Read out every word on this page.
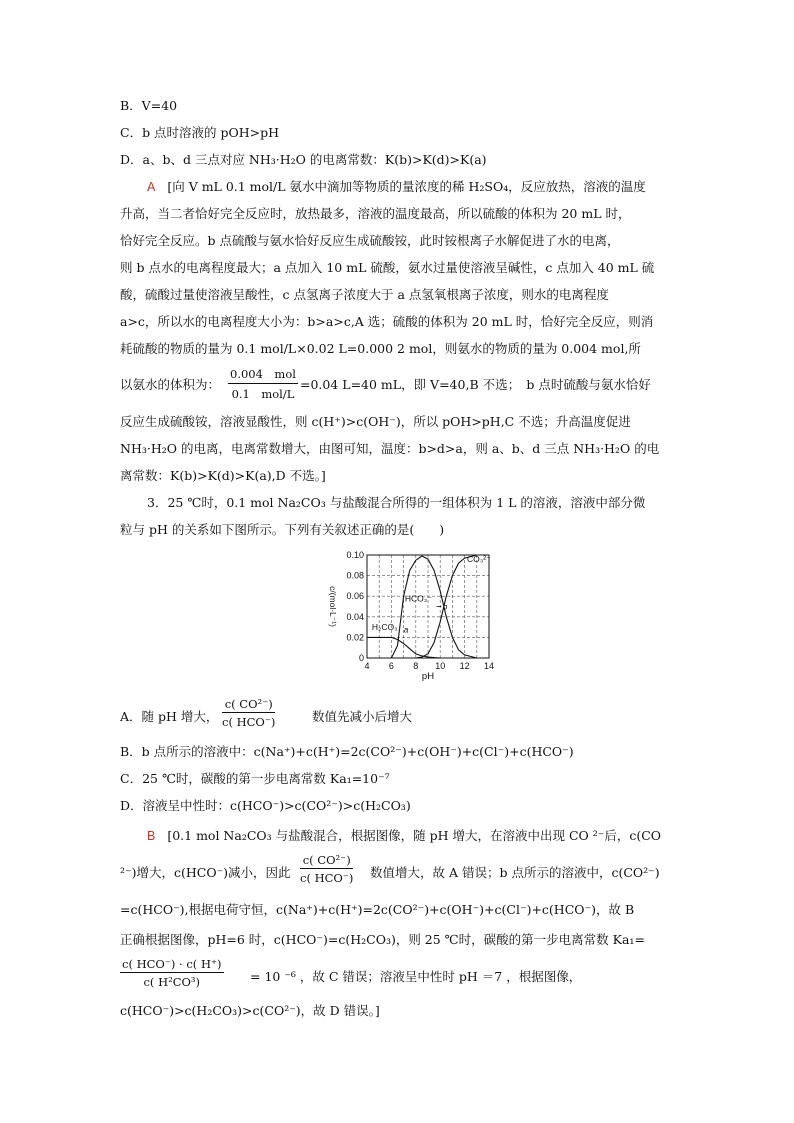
B．V=40
C．b 点时溶液的 pOH>pH
D．a、b、d 三点对应 NH₃·H₂O 的电离常数：K(b)>K(d)>K(a)
A [向 V mL 0.1 mol/L 氨水中滴加等物质的量浓度的稀 H₂SO₄，反应放热，溶液的温度
升高，当二者恰好完全反应时，放热最多，溶液的温度最高，所以硫酸的体积为 20 mL 时，
恰好完全反应。b 点硫酸与氨水恰好反应生成硫酸铵，此时铵根离子水解促进了水的电离，
则 b 点水的电离程度最大；a 点加入 10 mL 硫酸，氨水过量使溶液呈碱性，c 点加入 40 mL 硫
酸，硫酸过量使溶液呈酸性，c 点氢离子浓度大于 a 点氢氧根离子浓度，则水的电离程度
a>c，所以水的电离程度大小为：b>a>c,A 选；硫酸的体积为 20 mL 时，恰好完全反应，则消
耗硫酸的物质的量为 0.1 mol/L×0.02 L=0.000 2 mol，则氨水的物质的量为 0.004 mol,所
以氨水的体积为：
0.004　mol
0.1　mol/L
=0.04 L=40 mL，即 V=40,B 不选；　b 点时硫酸与氨水恰好
反应生成硫酸铵，溶液显酸性，则 c(H⁺)>c(OH⁻)，所以 pOH>pH,C 不选；升高温度促进
NH₃·H₂O 的电离，电离常数增大，由图可知，温度：b>d>a，则 a、b、d 三点 NH₃·H₂O 的电
离常数：K(b)>K(d)>K(a),D 不选。]
3．25 ℃时，0.1 mol Na₂CO₃ 与盐酸混合所得的一组体积为 1 L 的溶液，溶液中部分微
粒与 pH 的关系如下图所示。下列有关叙述正确的是(　　)
4 6 8 10 12 14
0
0.02
0.04
0.06
0.08
0.10
pH
c/(mol·L⁻¹)
H₂CO₃
HCO₃⁻
CO₃²⁻
a
b
A．随 pH 增大，
c( CO²⁻)
c( HCO⁻)	数值先减小后增大
B．b 点所示的溶液中：c(Na⁺)+c(H⁺)=2c(CO²⁻)+c(OH⁻)+c(Cl⁻)+c(HCO⁻)
C．25 ℃时，碳酸的第一步电离常数 Ka₁=10⁻⁷
D．溶液呈中性时：c(HCO⁻)>c(CO²⁻)>c(H₂CO₃)
B [0.1 mol Na₂CO₃ 与盐酸混合，根据图像，随 pH 增大，在溶液中出现 CO ²⁻后，c(CO
²⁻)增大，c(HCO⁻)减小，因此
c( CO²⁻)
c( HCO⁻) 数值增大，故 A 错误；b 点所示的溶液中，c(CO²⁻)
=c(HCO⁻),根据电荷守恒，c(Na⁺)+c(H⁺)=2c(CO²⁻)+c(OH⁻)+c(Cl⁻)+c(HCO⁻)，故 B
正确根据图像，pH=6 时，c(HCO⁻)=c(H₂CO₃)，则 25 ℃时，碳酸的第一步电离常数 Ka₁=
c( HCO⁻) · c( H⁺)
c( H²CO³)	= 10 ⁻⁶ ，故 C 错误；溶液呈中性时 pH ＝7 ，根据图像，
c(HCO⁻)>c(H₂CO₃)>c(CO²⁻)，故 D 错误。]
